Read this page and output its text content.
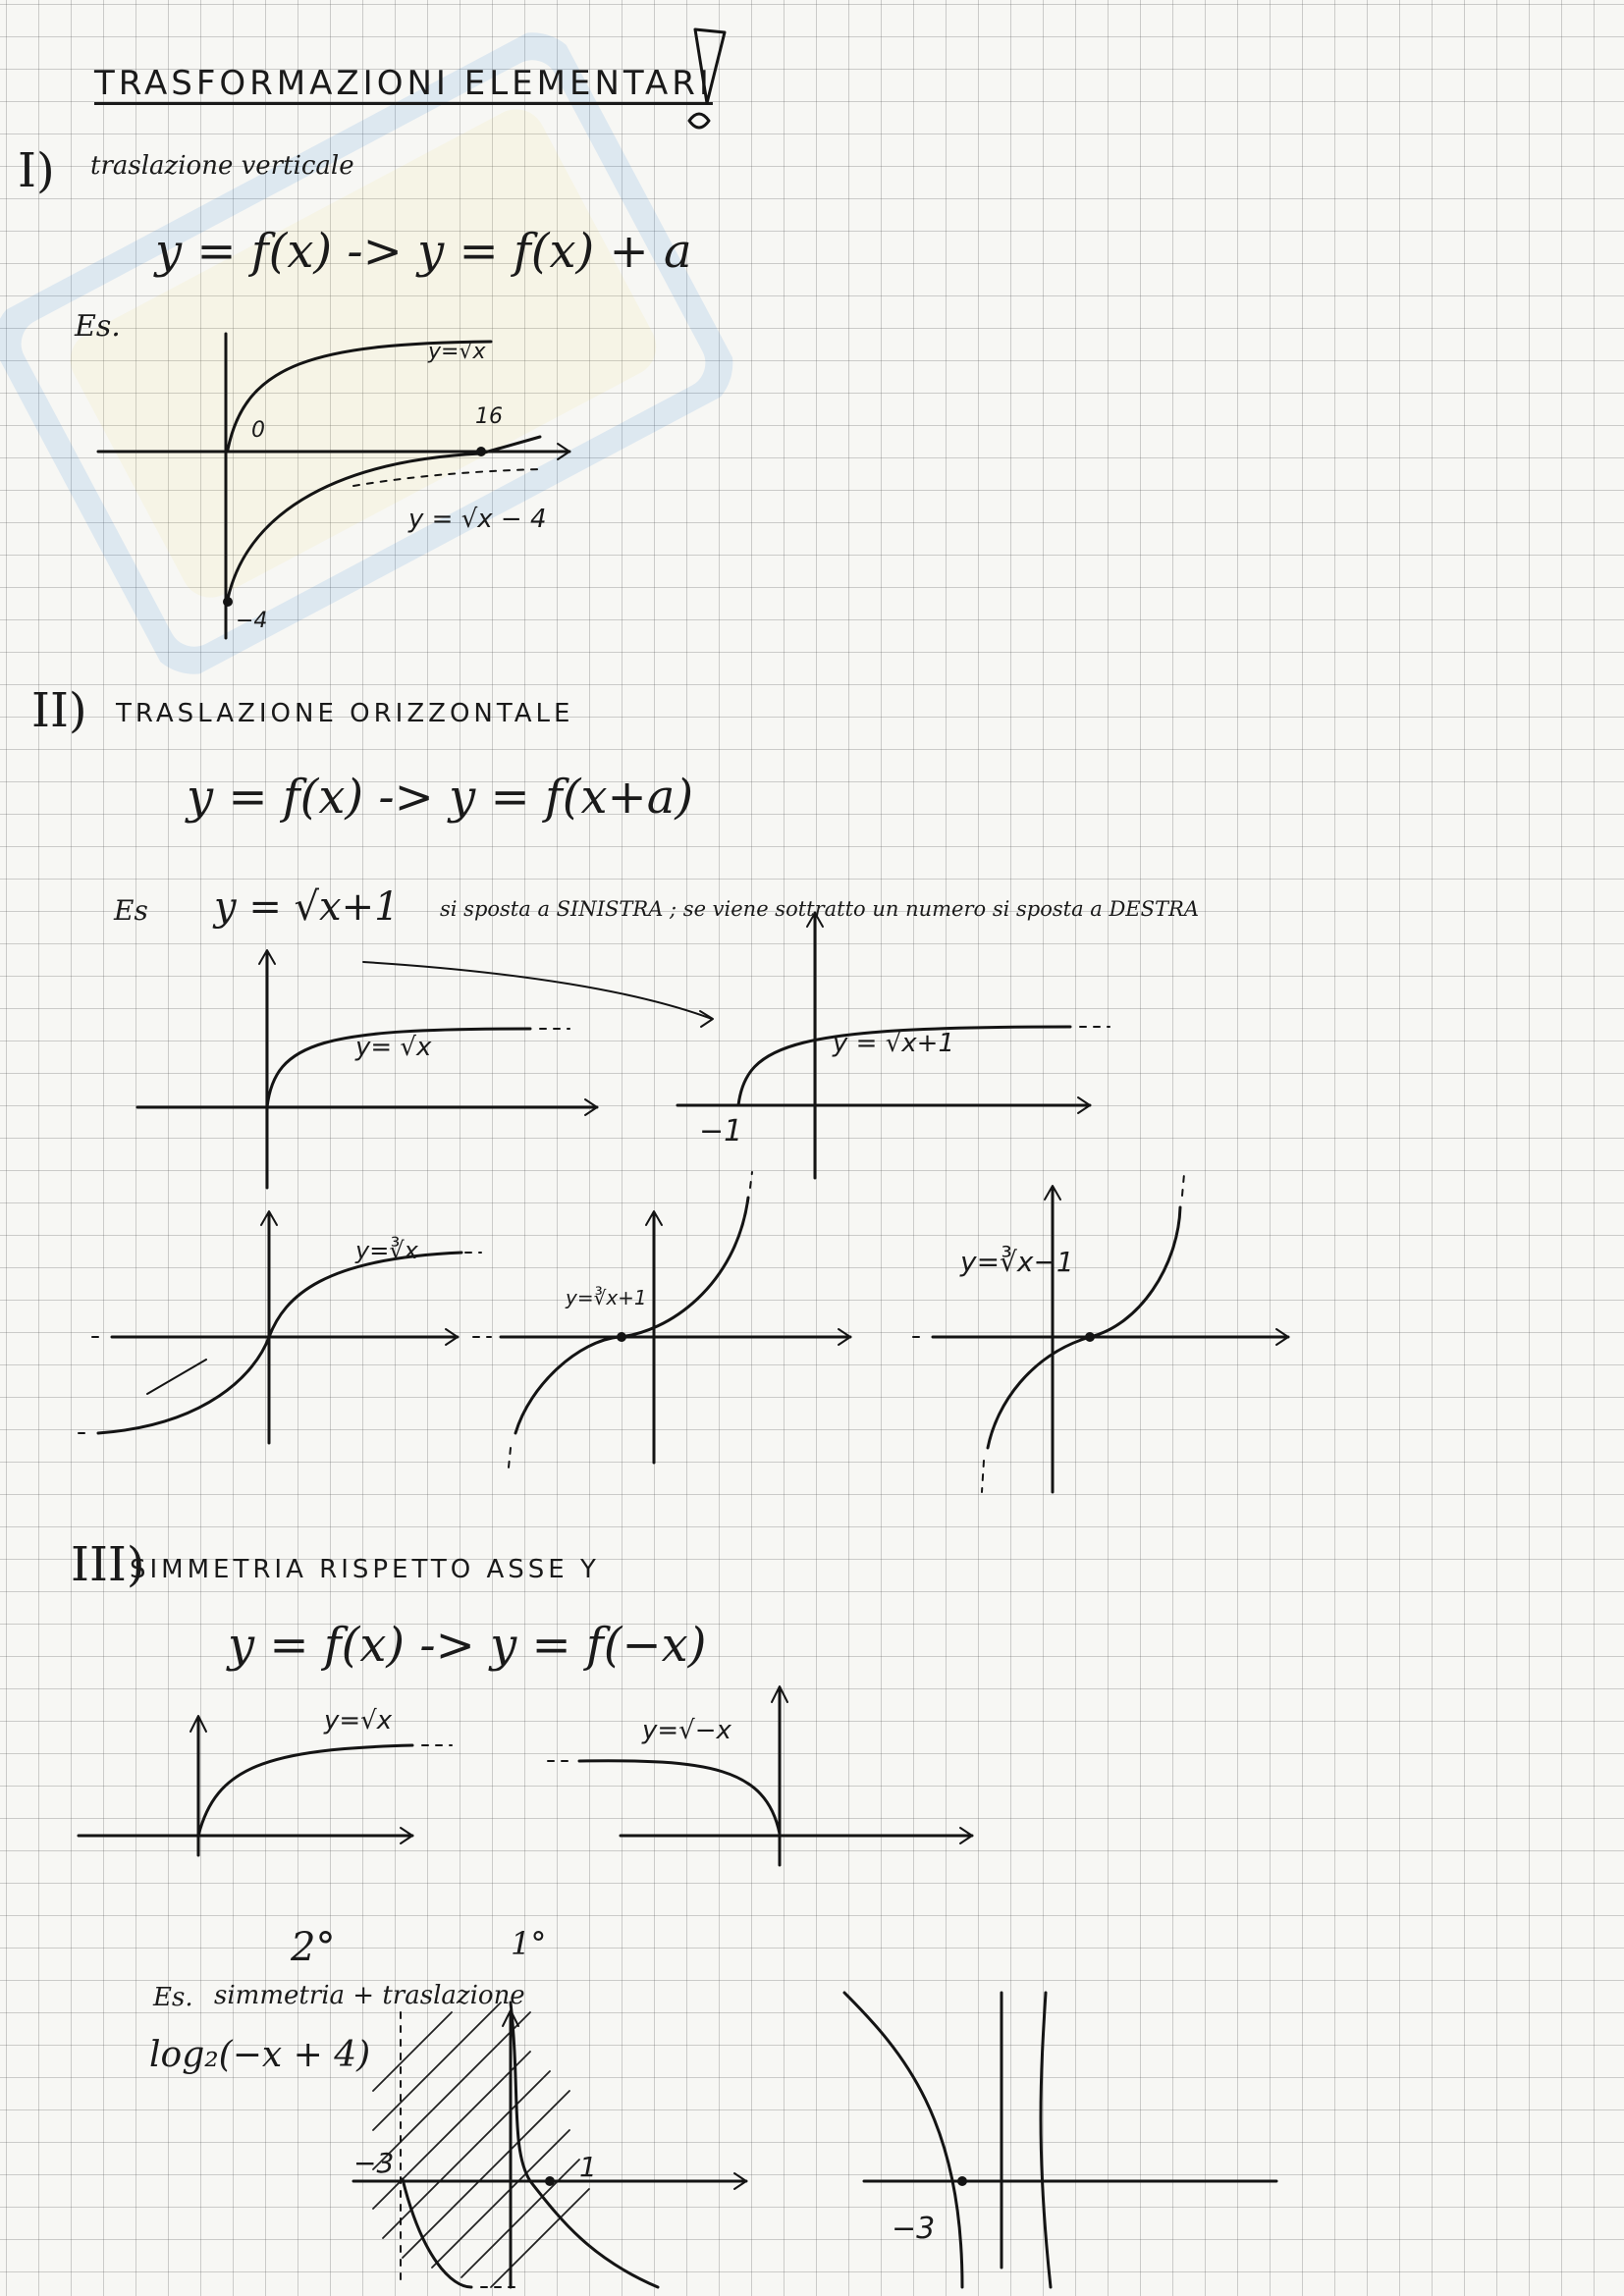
TRASFORMAZIONI ELEMENTARI
I) traslazione verticale
y = f(x) -> y = f(x) + a
Es.
y=√x
0
16
y = √x − 4
−4
II) TRASLAZIONE ORIZZONTALE
y = f(x) -> y = f(x+a)
Es y = √x+1 si sposta a SINISTRA ; se viene sottratto un numero si sposta a DESTRA
y= √x	y = √x+1
−1
y=∛x
y=∛x+1
y=∛x−1
III)
SIMMETRIA RISPETTO ASSE Y
y = f(x) -> y = f(−x)
y=√x	y=√−x
2°	1°
Es. simmetria + traslazione
log₂(−x + 4)
−3	1
−3
